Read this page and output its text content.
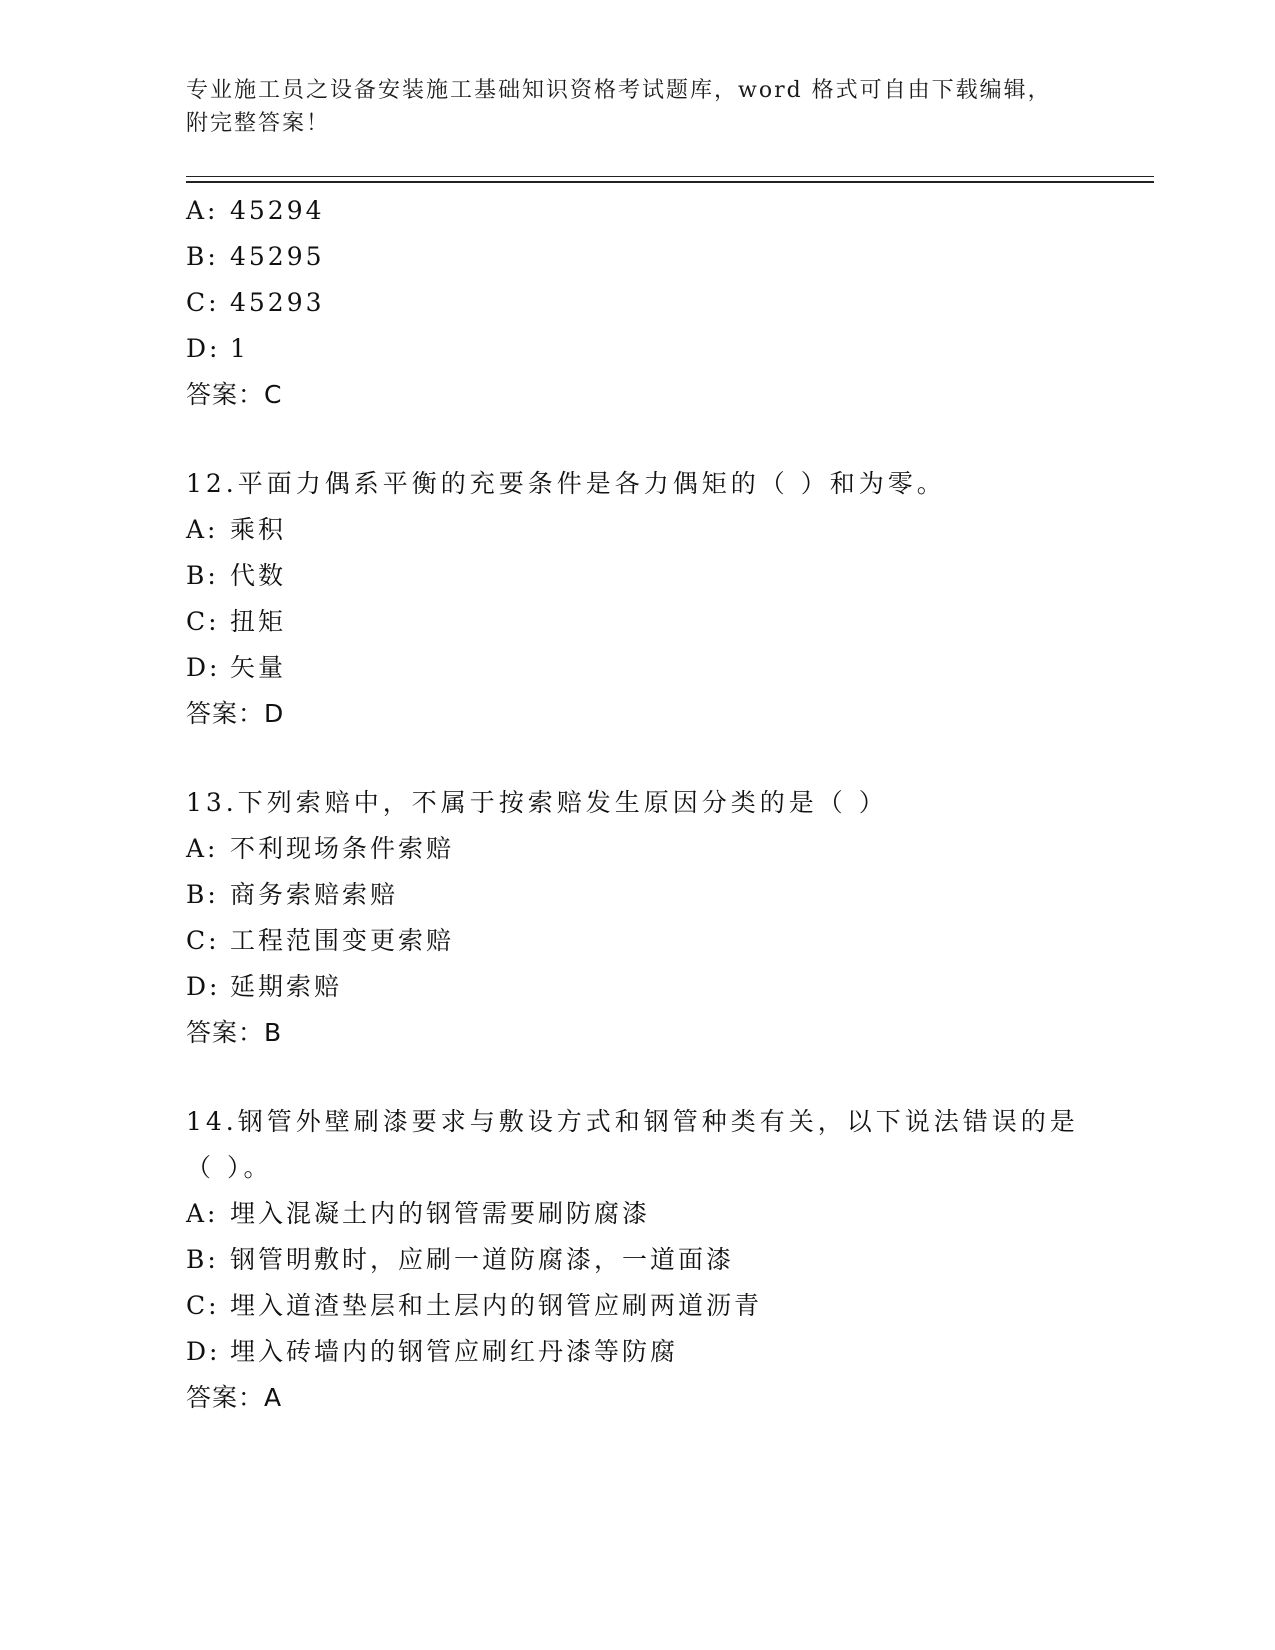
专业施工员之设备安装施工基础知识资格考试题库，word 格式可自由下载编辑，
附完整答案！
A: 45294
B: 45295
C: 45293
D: 1
答案：C
12.平面力偶系平衡的充要条件是各力偶矩的（ ）和为零。
A: 乘积
B: 代数
C: 扭矩
D: 矢量
答案：D
13.下列索赔中，不属于按索赔发生原因分类的是（ ）
A: 不利现场条件索赔
B: 商务索赔索赔
C: 工程范围变更索赔
D: 延期索赔
答案：B
14.钢管外壁刷漆要求与敷设方式和钢管种类有关，以下说法错误的是
（ ）。
A: 埋入混凝土内的钢管需要刷防腐漆
B: 钢管明敷时，应刷一道防腐漆，一道面漆
C: 埋入道渣垫层和土层内的钢管应刷两道沥青
D: 埋入砖墙内的钢管应刷红丹漆等防腐
答案：A
